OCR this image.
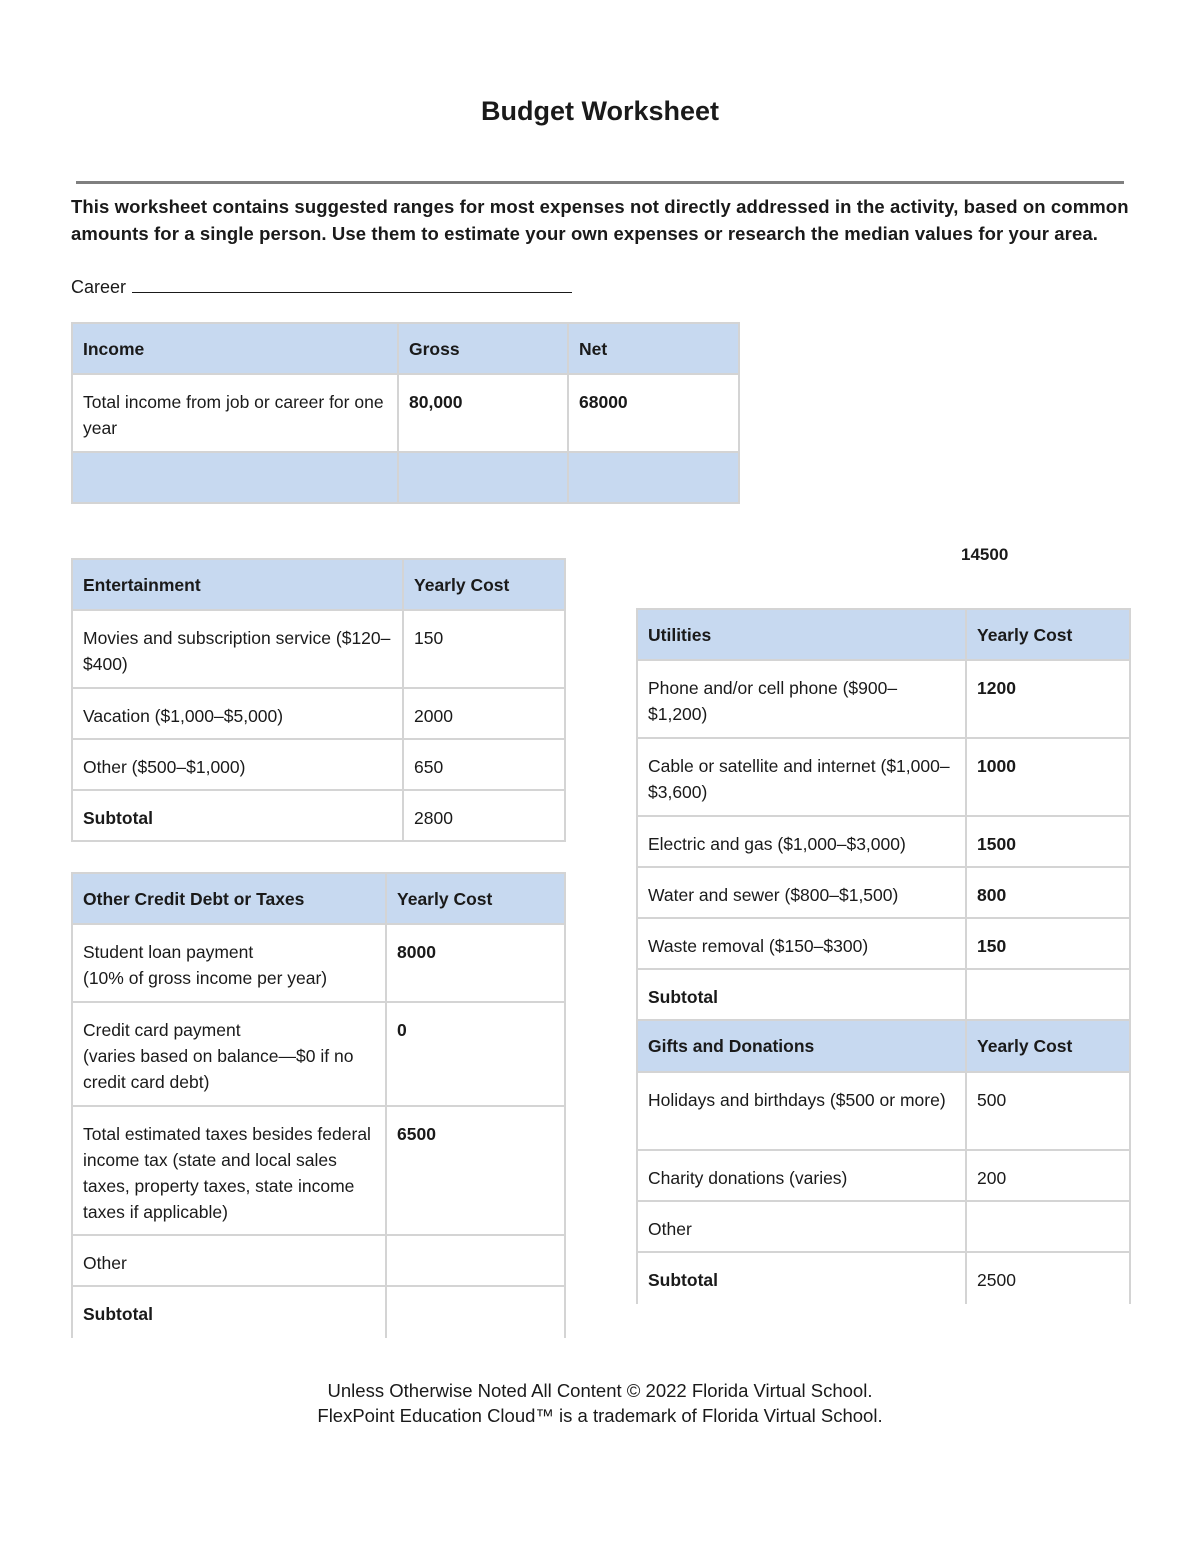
Budget Worksheet
This worksheet contains suggested ranges for most expenses not directly addressed in the activity, based on common amounts for a single person. Use them to estimate your own expenses or research the median values for your area.
Career
Income	Gross	Net
Total income from job or career for one year	80,000	68000

14500
Entertainment	Yearly Cost
Movies and subscription service ($120–$400)	150
Vacation ($1,000–$5,000)	2000
Other ($500–$1,000)	650
Subtotal	2800
Other Credit Debt or Taxes	Yearly Cost
Student loan payment
(10% of gross income per year)	8000
Credit card payment
(varies based on balance—$0 if no credit card debt)	0
Total estimated taxes besides federal income tax (state and local sales taxes, property taxes, state income taxes if applicable)	6500
Other	
Subtotal	
Utilities	Yearly Cost
Phone and/or cell phone ($900–$1,200)	1200
Cable or satellite and internet ($1,000–$3,600)	1000
Electric and gas ($1,000–$3,000)	1500
Water and sewer ($800–$1,500)	800
Waste removal ($150–$300)	150
Subtotal	
Gifts and Donations	Yearly Cost
Holidays and birthdays ($500 or more)	500
Charity donations (varies)	200
Other	
Subtotal	2500
Unless Otherwise Noted All Content © 2022 Florida Virtual School.
FlexPoint Education Cloud™ is a trademark of Florida Virtual School.
